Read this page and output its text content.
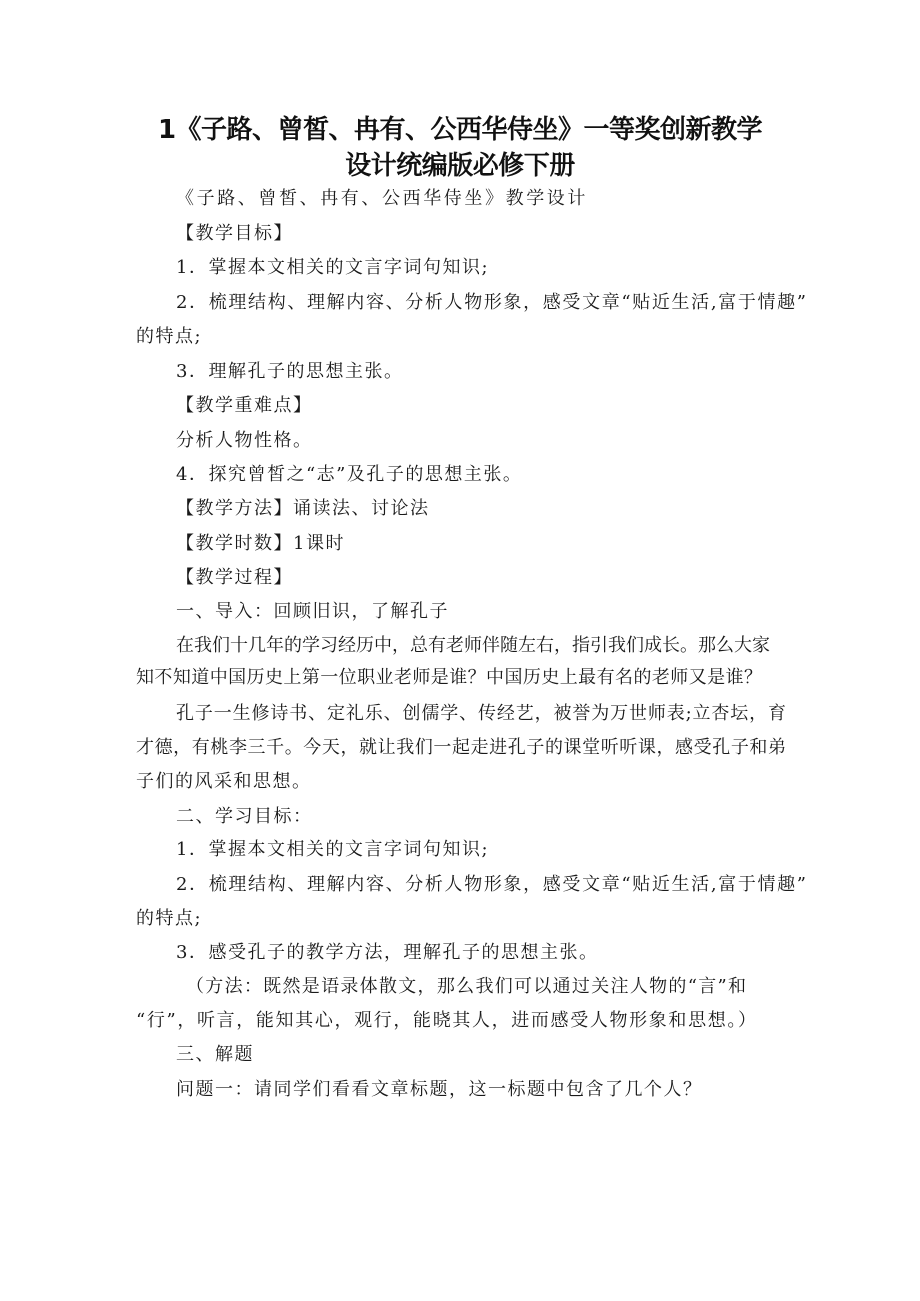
1《子路、曾皙、冉有、公西华侍坐》一等奖创新教学
设计统编版必修下册
《子路、曾皙、冉有、公西华侍坐》教学设计
【教学目标】
1．掌握本文相关的文言字词句知识;
2．梳理结构、理解内容、分析人物形象，感受文章“贴近生活,富于情趣”
的特点;
3．理解孔子的思想主张。
【教学重难点】
分析人物性格。
4．探究曾皙之“志”及孔子的思想主张。
【教学方法】诵读法、讨论法
【教学时数】1课时
【教学过程】
一、导入：回顾旧识，了解孔子
在我们十几年的学习经历中，总有老师伴随左右，指引我们成长。那么大家
知不知道中国历史上第一位职业老师是谁？中国历史上最有名的老师又是谁？
孔子一生修诗书、定礼乐、创儒学、传经艺，被誉为万世师表;立杏坛，育
才德，有桃李三千。今天，就让我们一起走进孔子的课堂听听课，感受孔子和弟
子们的风采和思想。
二、学习目标：
1．掌握本文相关的文言字词句知识;
2．梳理结构、理解内容、分析人物形象，感受文章“贴近生活,富于情趣”
的特点;
3．感受孔子的教学方法，理解孔子的思想主张。
（方法：既然是语录体散文，那么我们可以通过关注人物的“言”和
“行”，听言，能知其心，观行，能晓其人，进而感受人物形象和思想。）
三、解题
问题一：请同学们看看文章标题，这一标题中包含了几个人？
